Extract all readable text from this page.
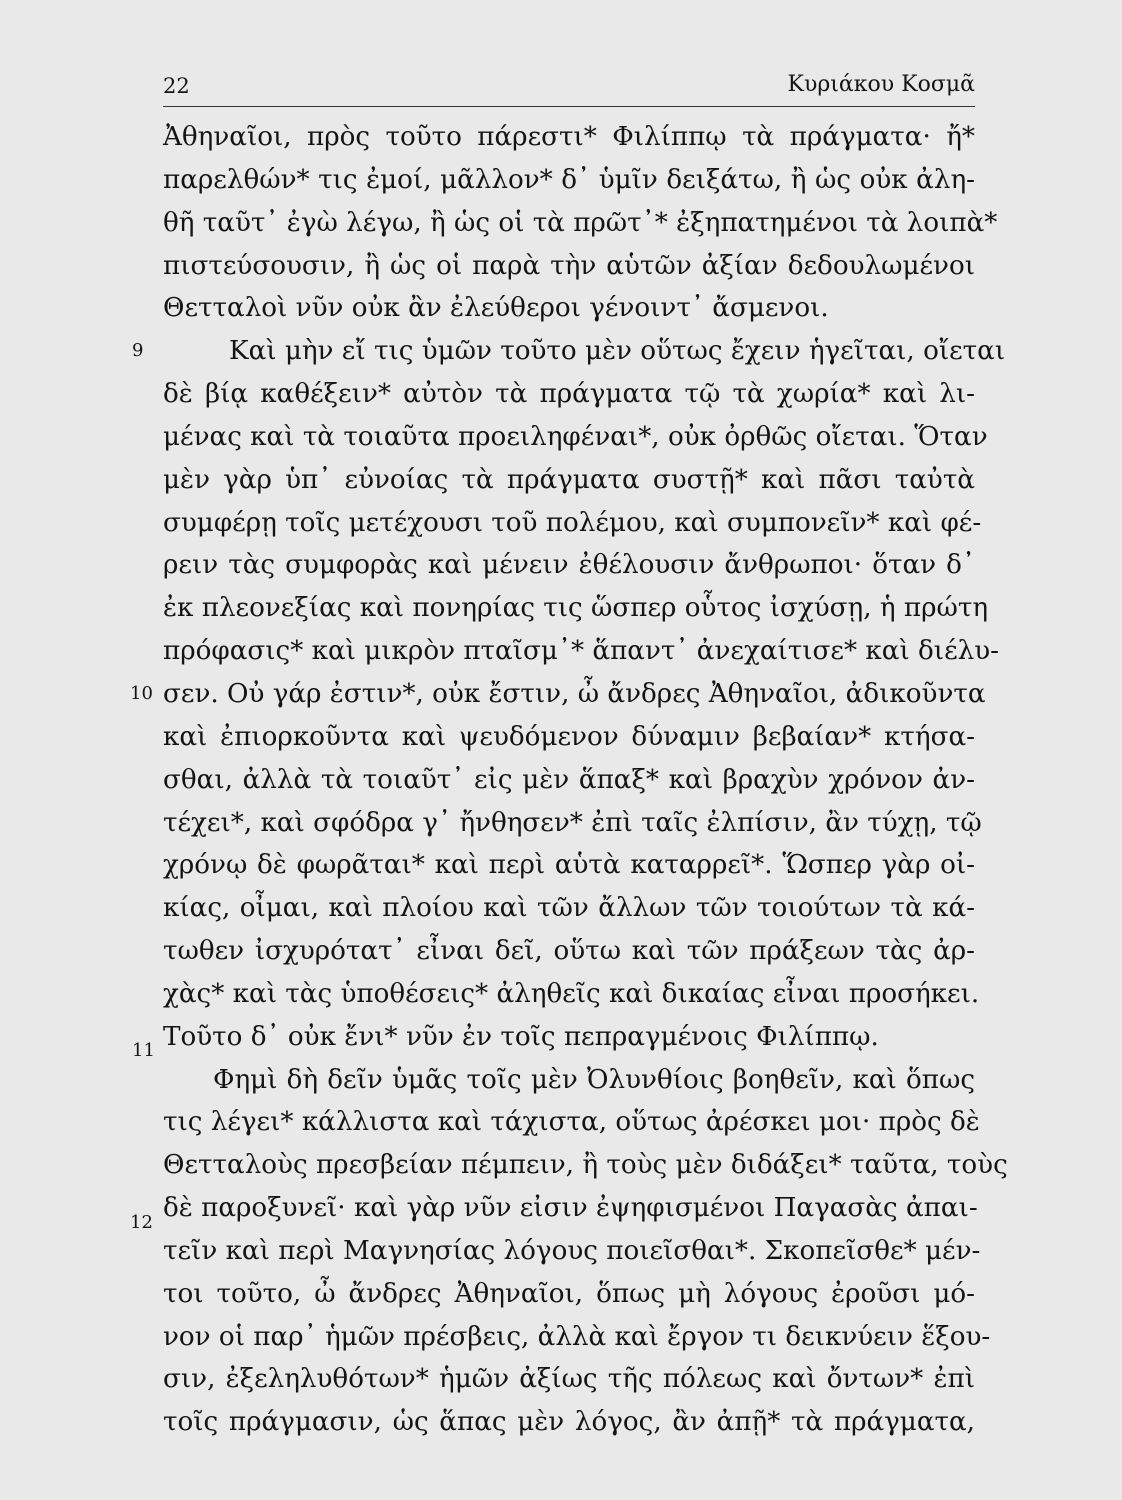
22	Κυριάκου Κοσμᾶ
Ἀθηναῖοι, πρὸς τοῦτο πάρεστι* Φιλίππῳ τὰ πράγματα· ἤ*
παρελθών* τις ἐμοί, μᾶλλον* δ᾿ ὑμῖν δειξάτω, ἢ ὡς οὐκ ἀλη-
θῆ ταῦτ᾿ ἐγὼ λέγω, ἢ ὡς οἱ τὰ πρῶτ᾿* ἐξηπατημένοι τὰ λοιπὰ*
πιστεύσουσιν, ἢ ὡς οἱ παρὰ τὴν αὑτῶν ἀξίαν δεδουλωμένοι
Θετταλοὶ νῦν οὐκ ἂν ἐλεύθεροι γένοιντ᾿ ἄσμενοι.
Καὶ μὴν εἴ τις ὑμῶν τοῦτο μὲν οὕτως ἔχειν ἡγεῖται, οἴεται
δὲ βίᾳ καθέξειν* αὐτὸν τὰ πράγματα τῷ τὰ χωρία* καὶ λι-
μένας καὶ τὰ τοιαῦτα προειληφέναι*, οὐκ ὀρθῶς οἴεται. Ὅταν
μὲν γὰρ ὑπ᾿ εὐνοίας τὰ πράγματα συστῇ* καὶ πᾶσι ταὐτὰ
συμφέρῃ τοῖς μετέχουσι τοῦ πολέμου, καὶ συμπονεῖν* καὶ φέ-
ρειν τὰς συμφορὰς καὶ μένειν ἐθέλουσιν ἄνθρωποι· ὅταν δ᾿
ἐκ πλεονεξίας καὶ πονηρίας τις ὥσπερ οὗτος ἰσχύσῃ, ἡ πρώτη
πρόφασις* καὶ μικρὸν πταῖσμ᾿* ἅπαντ᾿ ἀνεχαίτισε* καὶ διέλυ-
σεν. Οὐ γάρ ἐστιν*, οὐκ ἔστιν, ὦ ἄνδρες Ἀθηναῖοι, ἀδικοῦντα
καὶ ἐπιορκοῦντα καὶ ψευδόμενον δύναμιν βεβαίαν* κτήσα-
σθαι, ἀλλὰ τὰ τοιαῦτ᾿ εἰς μὲν ἅπαξ* καὶ βραχὺν χρόνον ἀν-
τέχει*, καὶ σφόδρα γ᾿ ἤνθησεν* ἐπὶ ταῖς ἐλπίσιν, ἂν τύχῃ, τῷ
χρόνῳ δὲ φωρᾶται* καὶ περὶ αὑτὰ καταρρεῖ*. Ὥσπερ γὰρ οἰ-
κίας, οἶμαι, καὶ πλοίου καὶ τῶν ἄλλων τῶν τοιούτων τὰ κά-
τωθεν ἰσχυρότατ᾿ εἶναι δεῖ, οὕτω καὶ τῶν πράξεων τὰς ἀρ-
χὰς* καὶ τὰς ὑποθέσεις* ἀληθεῖς καὶ δικαίας εἶναι προσήκει.
Τοῦτο δ᾿ οὐκ ἔνι* νῦν ἐν τοῖς πεπραγμένοις Φιλίππῳ.
Φημὶ δὴ δεῖν ὑμᾶς τοῖς μὲν Ὀλυνθίοις βοηθεῖν, καὶ ὅπως
τις λέγει* κάλλιστα καὶ τάχιστα, οὕτως ἀρέσκει μοι· πρὸς δὲ
Θετταλοὺς πρεσβείαν πέμπειν, ἢ τοὺς μὲν διδάξει* ταῦτα, τοὺς
δὲ παροξυνεῖ· καὶ γὰρ νῦν εἰσιν ἐψηφισμένοι Παγασὰς ἀπαι-
τεῖν καὶ περὶ Μαγνησίας λόγους ποιεῖσθαι*. Σκοπεῖσθε* μέν-
τοι τοῦτο, ὦ ἄνδρες Ἀθηναῖοι, ὅπως μὴ λόγους ἐροῦσι μό-
νον οἱ παρ᾿ ἡμῶν πρέσβεις, ἀλλὰ καὶ ἔργον τι δεικνύειν ἕξου-
σιν, ἐξεληλυθότων* ἡμῶν ἀξίως τῆς πόλεως καὶ ὄντων* ἐπὶ
τοῖς πράγμασιν, ὡς ἅπας μὲν λόγος, ἂν ἀπῇ* τὰ πράγματα,
9
10
11
12
